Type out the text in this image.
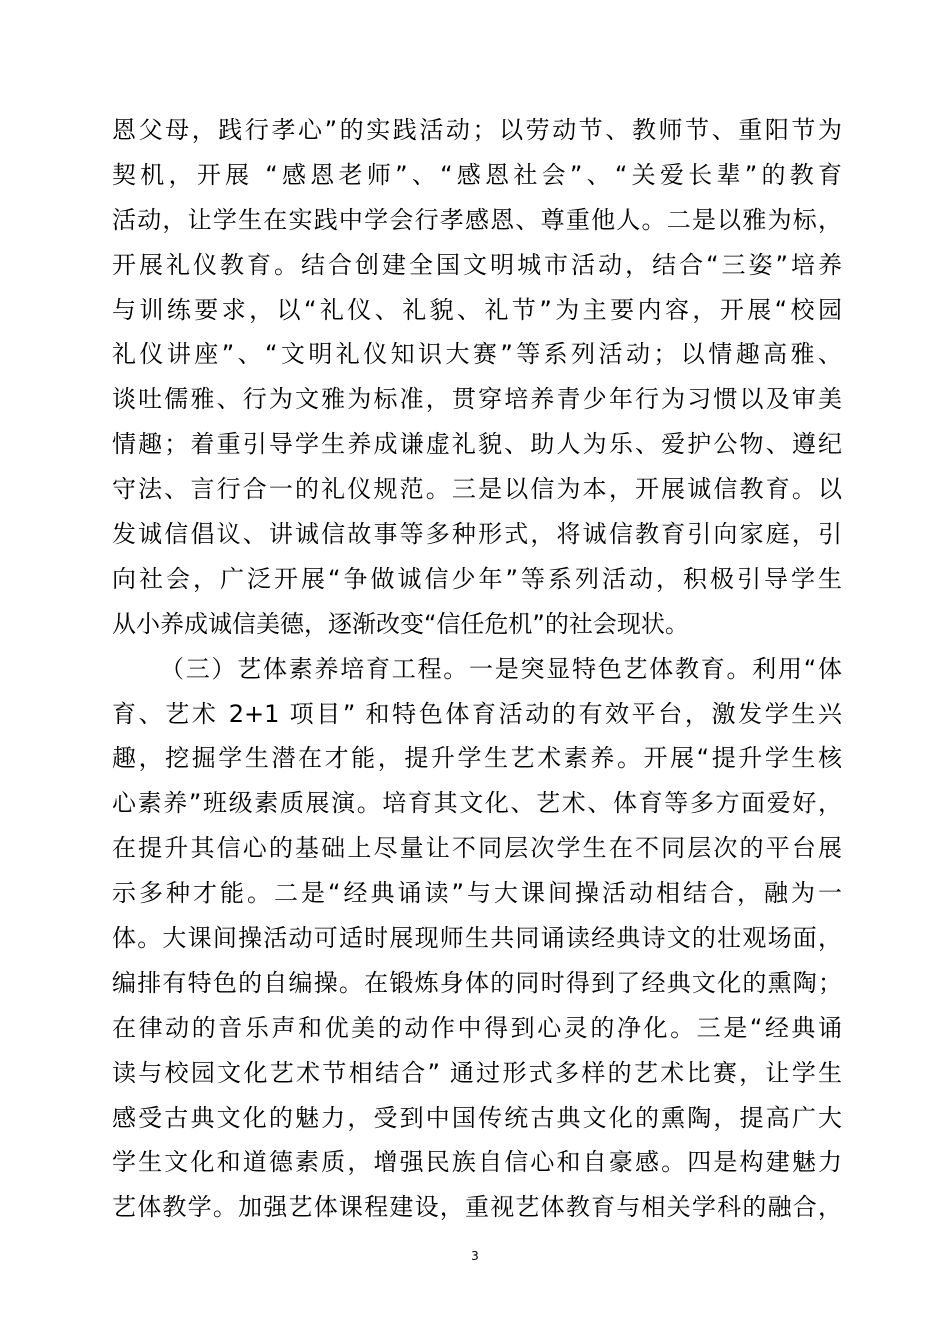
恩父母，践行孝心”的实践活动；以劳动节、教师节、重阳节为
契机，开展 “感恩老师”、“感恩社会”、“关爱长辈”的教育
活动，让学生在实践中学会行孝感恩、尊重他人。二是以雅为标，
开展礼仪教育。结合创建全国文明城市活动，结合“三姿”培养
与训练要求，以“礼仪、礼貌、礼节”为主要内容，开展“校园
礼仪讲座”、“文明礼仪知识大赛”等系列活动；以情趣高雅、
谈吐儒雅、行为文雅为标准，贯穿培养青少年行为习惯以及审美
情趣；着重引导学生养成谦虚礼貌、助人为乐、爱护公物、遵纪
守法、言行合一的礼仪规范。三是以信为本，开展诚信教育。以
发诚信倡议、讲诚信故事等多种形式，将诚信教育引向家庭，引
向社会，广泛开展“争做诚信少年”等系列活动，积极引导学生
从小养成诚信美德，逐渐改变“信任危机”的社会现状。
（三）艺体素养培育工程。一是突显特色艺体教育。利用“体
育、艺术 2+1 项目” 和特色体育活动的有效平台，激发学生兴
趣，挖掘学生潜在才能，提升学生艺术素养。开展“提升学生核
心素养”班级素质展演。培育其文化、艺术、体育等多方面爱好，
在提升其信心的基础上尽量让不同层次学生在不同层次的平台展
示多种才能。二是“经典诵读”与大课间操活动相结合，融为一
体。大课间操活动可适时展现师生共同诵读经典诗文的壮观场面，
编排有特色的自编操。在锻炼身体的同时得到了经典文化的熏陶；
在律动的音乐声和优美的动作中得到心灵的净化。三是“经典诵
读与校园文化艺术节相结合” 通过形式多样的艺术比赛，让学生
感受古典文化的魅力，受到中国传统古典文化的熏陶，提高广大
学生文化和道德素质，增强民族自信心和自豪感。四是构建魅力
艺体教学。加强艺体课程建设，重视艺体教育与相关学科的融合，
3
